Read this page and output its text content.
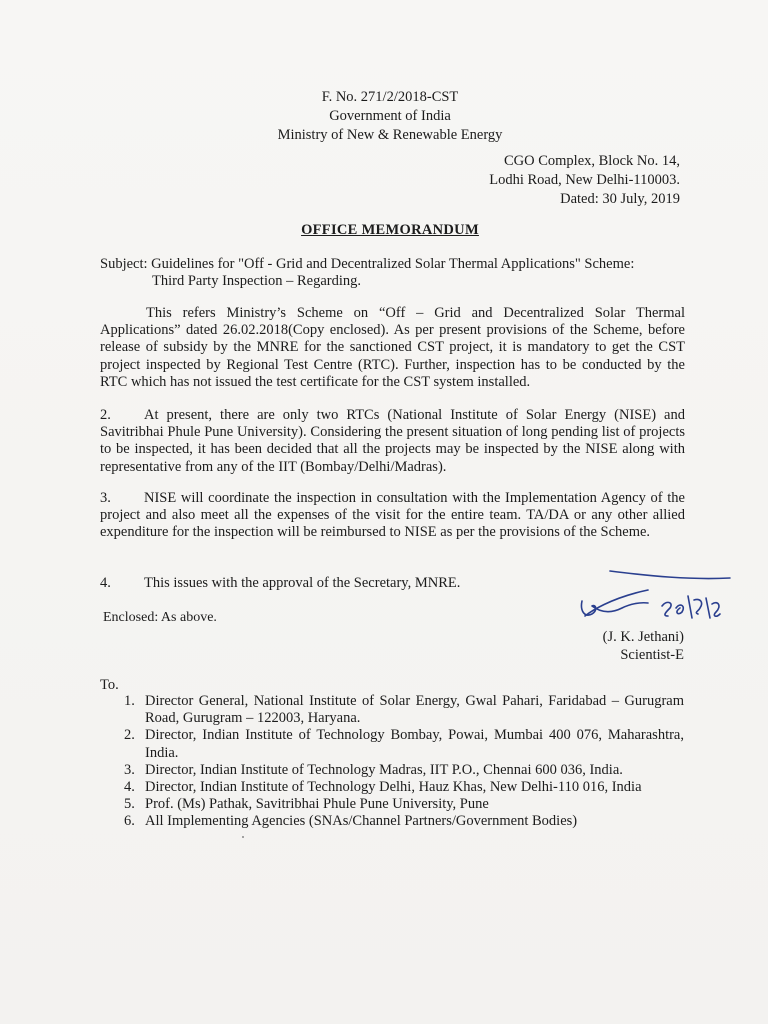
F. No. 271/2/2018-CST
Government of India
Ministry of New & Renewable Energy
CGO Complex, Block No. 14,
Lodhi Road, New Delhi-110003.
Dated: 30 July, 2019
OFFICE MEMORANDUM
Subject: Guidelines for "Off - Grid and Decentralized Solar Thermal Applications" Scheme:
Third Party Inspection – Regarding.
This refers Ministry’s Scheme on “Off – Grid and Decentralized Solar Thermal Applications” dated 26.02.2018(Copy enclosed). As per present provisions of the Scheme, before release of subsidy by the MNRE for the sanctioned CST project, it is mandatory to get the CST project inspected by Regional Test Centre (RTC). Further, inspection has to be conducted by the RTC which has not issued the test certificate for the CST system installed.
2. At present, there are only two RTCs (National Institute of Solar Energy (NISE) and Savitribhai Phule Pune University). Considering the present situation of long pending list of projects to be inspected, it has been decided that all the projects may be inspected by the NISE along with representative from any of the IIT (Bombay/Delhi/Madras).
3. NISE will coordinate the inspection in consultation with the Implementation Agency of the project and also meet all the expenses of the visit for the entire team. TA/DA or any other allied expenditure for the inspection will be reimbursed to NISE as per the provisions of the Scheme.
4. This issues with the approval of the Secretary, MNRE.
Enclosed: As above.
(J. K. Jethani)
Scientist-E
To.
1. Director General, National Institute of Solar Energy, Gwal Pahari, Faridabad – Gurugram Road, Gurugram – 122003, Haryana.
2. Director, Indian Institute of Technology Bombay, Powai, Mumbai 400 076, Maharashtra, India.
3. Director, Indian Institute of Technology Madras, IIT P.O., Chennai 600 036, India.
4. Director, Indian Institute of Technology Delhi, Hauz Khas, New Delhi-110 016, India
5. Prof. (Ms) Pathak, Savitribhai Phule Pune University, Pune
6. All Implementing Agencies (SNAs/Channel Partners/Government Bodies)
